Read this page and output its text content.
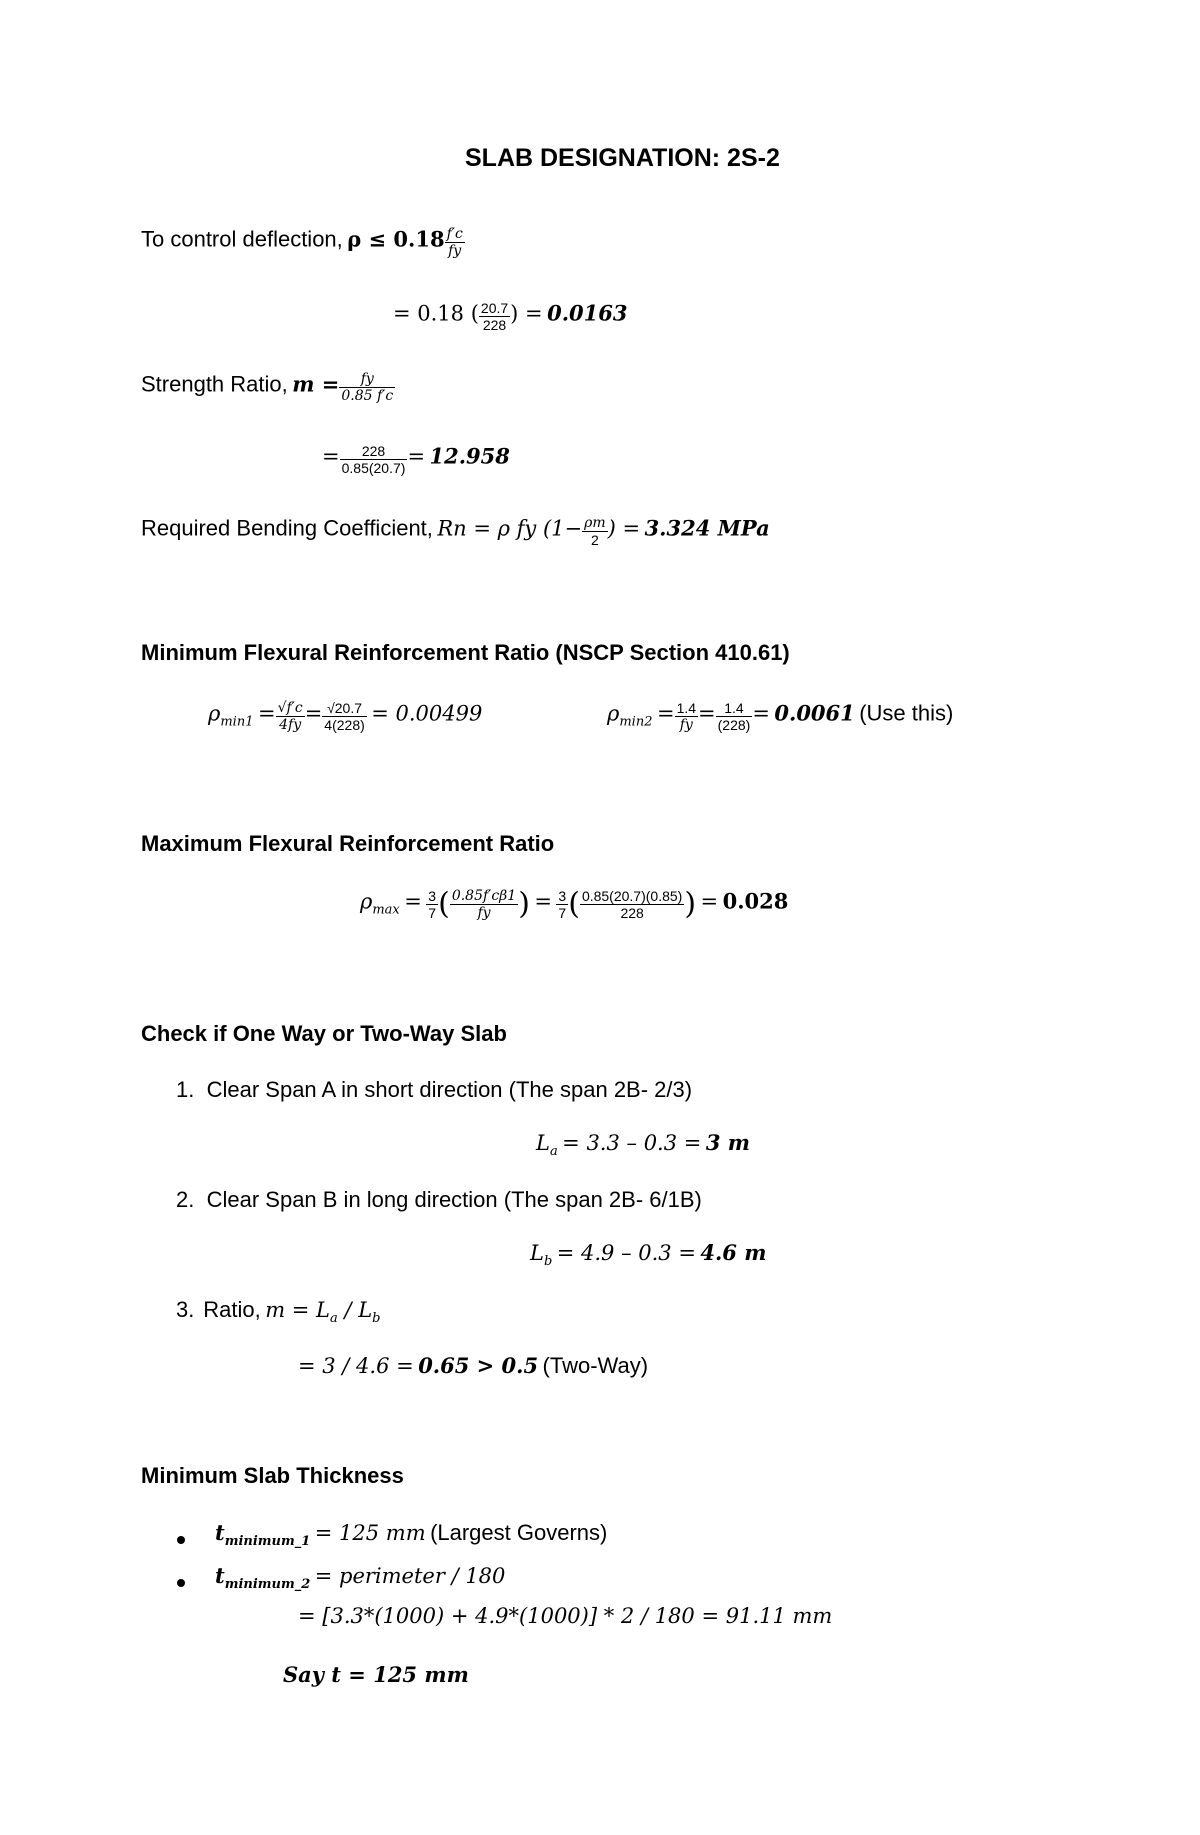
SLAB DESIGNATION: 2S-2
To control deflection, $\rho \le 0.18 \frac{f'c}{fy}$
= 0.18 ( $\frac{20.7}{228}$ ) = 0.0163
Strength Ratio, $m = \frac{fy}{0.85 f'c}$
= $\frac{228}{0.85(20.7)} = 12.958$
Required Bending Coefficient, Rn = ρ fy ($1- \frac{\rho m}{2}$ ) = 3.324 MPa
Minimum Flexural Reinforcement Ratio (NSCP Section 410.61)
$\rho_{min1} = \frac{√f'c}{4fy} = \frac{√20.7}{4(228)} = 0.00499$	$\rho_{min2} = \frac{1.4}{fy} = \frac{1.4}{(228)} = 0.0061$ (Use this)
Maximum Flexural Reinforcement Ratio
$\rho_{max} = \frac{3}{7}$ ( $\frac{0.85f'c\beta 1}{fy}$ ) = $\frac{3}{7}$ ( $\frac{0.85(20.7)(0.85)}{228}$ ) = 0.028
Check if One Way or Two-Way Slab
1. Clear Span A in short direction (The span 2B- 2/3)
$L_a = 3.3 - 0.3 = 3$ m
2. Clear Span B in long direction (The span 2B- 6/1B)
$L_b = 4.9 - 0.3 = 4.6$ m
3. Ratio, $m = L_a / L_b$
= 3 / 4.6 = 0.65 > 0.5 (Two-Way)
Minimum Slab Thickness
$t_{minimum\_1} = 125$ mm (Largest Governs)
$t_{minimum\_2}$ = perimeter / 180
= [3.3*(1000) + 4.9*(1000)] * 2 / 180 = 91.11 mm
Say t = 125 mm
